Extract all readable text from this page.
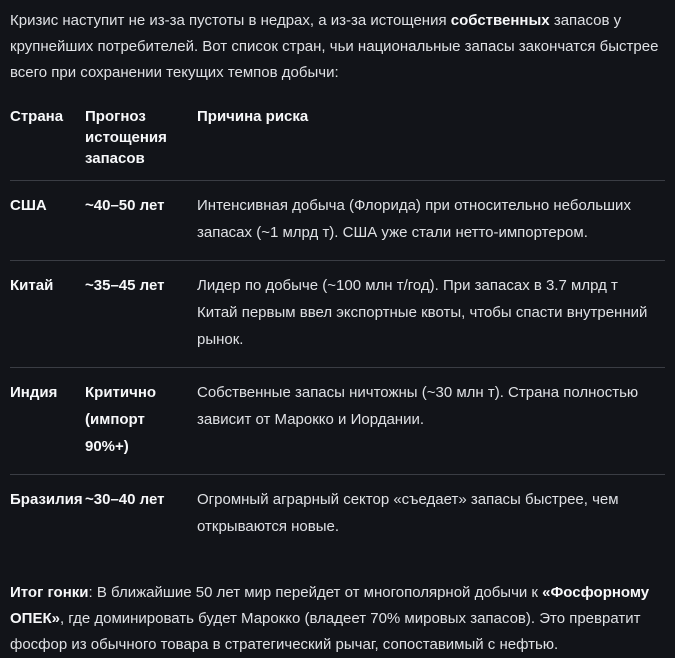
Кризис наступит не из-за пустоты в недрах, а из-за истощения собственных запасов у крупнейших потребителей. Вот список стран, чьи национальные запасы закончатся быстрее всего при сохранении текущих темпов добычи:

Страна	Прогноз истощения запасов	Причина риска
США	~40–50 лет	Интенсивная добыча (Флорида) при относительно небольших запасах (~1 млрд т). США уже стали нетто-импортером.
Китай	~35–45 лет	Лидер по добыче (~100 млн т/год). При запасах в 3.7 млрд т Китай первым ввел экспортные квоты, чтобы спасти внутренний рынок.
Индия	Критично (импорт 90%+)	Собственные запасы ничтожны (~30 млн т). Страна полностью зависит от Марокко и Иордании.
Бразилия	~30–40 лет	Огромный аграрный сектор «съедает» запасы быстрее, чем открываются новые.

Итог гонки: В ближайшие 50 лет мир перейдет от многополярной добычи к «Фосфорному ОПЕК», где доминировать будет Марокко (владеет 70% мировых запасов). Это превратит фосфор из обычного товара в стратегический рычаг, сопоставимый с нефтью.
